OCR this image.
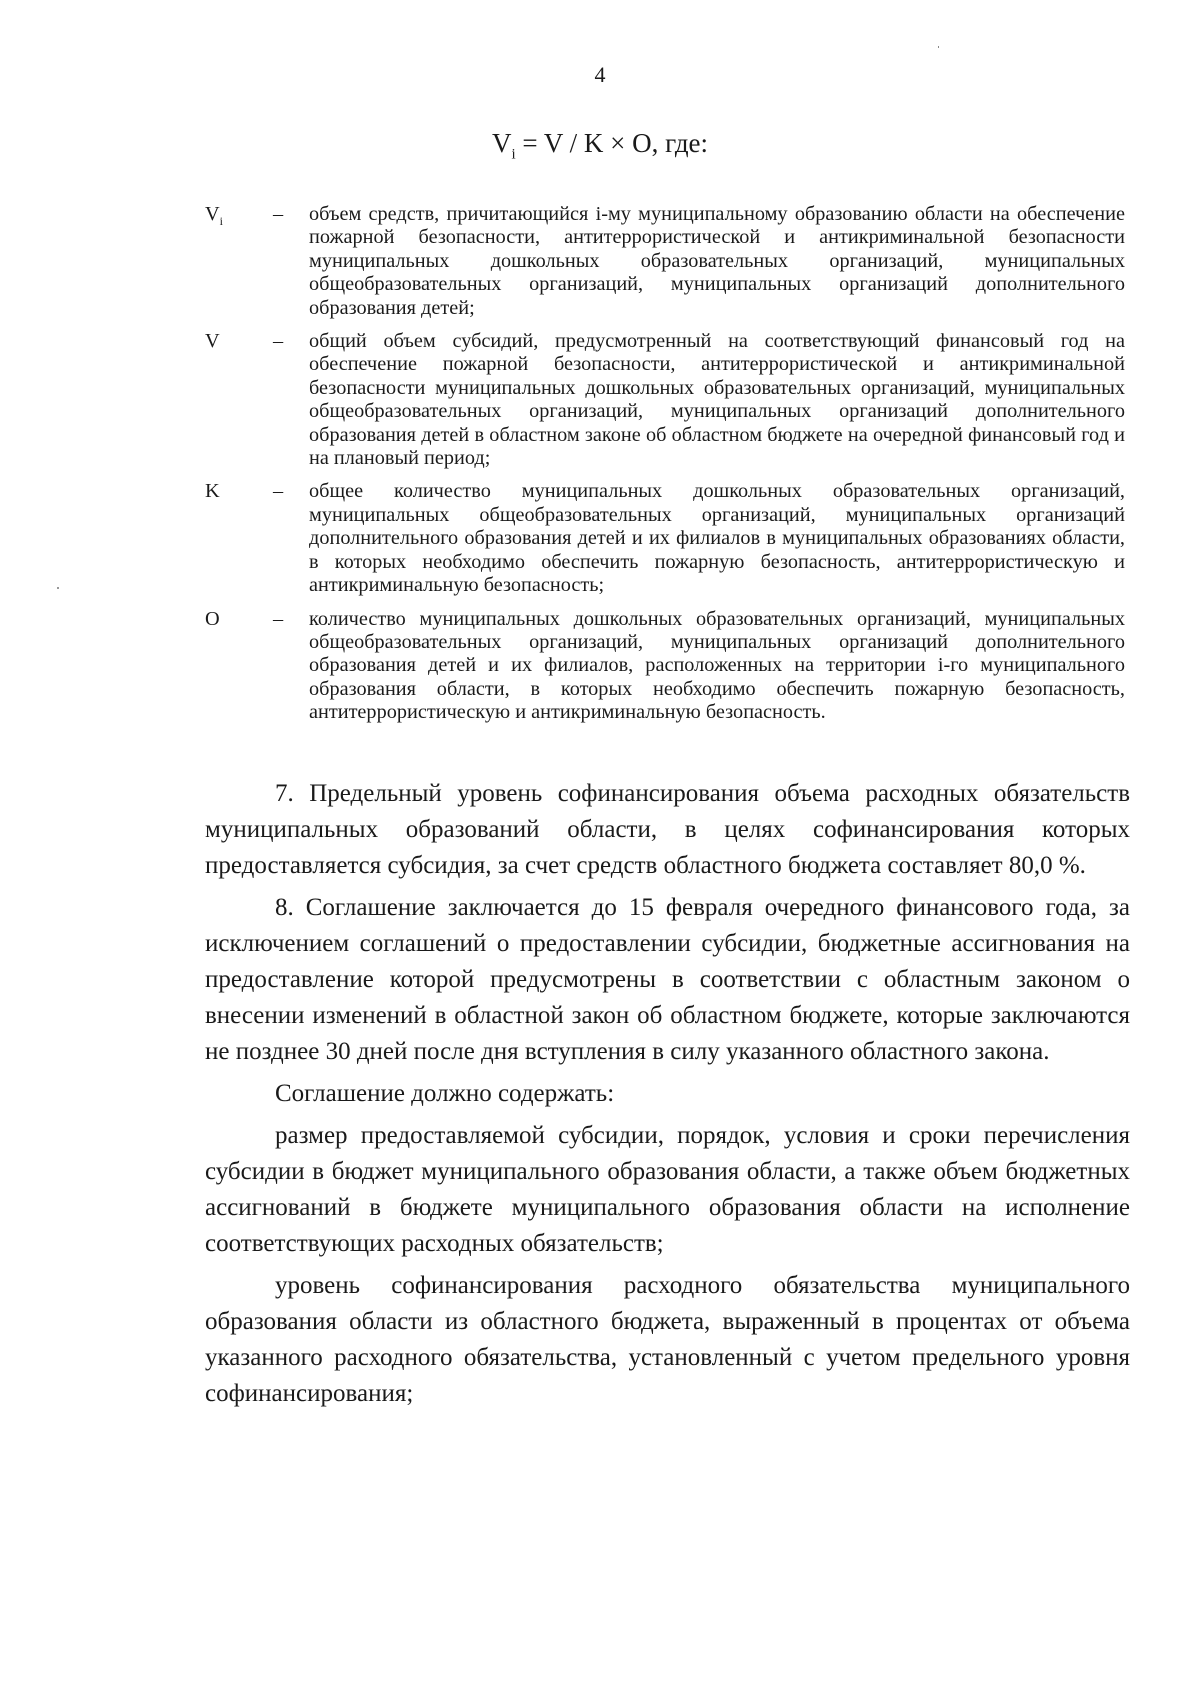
4
$V_i = V / K \times O$, где:
$V_i$	–	объем средств, причитающийся i-му муниципальному образованию области на обеспечение пожарной безопасности, антитеррористической и антикриминальной безопасности муниципальных дошкольных образовательных организаций, муниципальных общеобразовательных организаций, муниципальных организаций дополнительного образования детей;
V	–	общий объем субсидий, предусмотренный на соответствующий финансовый год на обеспечение пожарной безопасности, антитеррористической и антикриминальной безопасности муниципальных дошкольных образовательных организаций, муниципальных общеобразовательных организаций, муниципальных организаций дополнительного образования детей в областном законе об областном бюджете на очередной финансовый год и на плановый период;
K	–	общее количество муниципальных дошкольных образовательных организаций, муниципальных общеобразовательных организаций, муниципальных организаций дополнительного образования детей и их филиалов в муниципальных образованиях области, в которых необходимо обеспечить пожарную безопасность, антитеррористическую и антикриминальную безопасность;
O	–	количество муниципальных дошкольных образовательных организаций, муниципальных общеобразовательных организаций, муниципальных организаций дополнительного образования детей и их филиалов, расположенных на территории i-го муниципального образования области, в которых необходимо обеспечить пожарную безопасность, антитеррористическую и антикриминальную безопасность.

7. Предельный уровень софинансирования объема расходных обязательств муниципальных образований области, в целях софинансирования которых предоставляется субсидия, за счет средств областного бюджета составляет 80,0 %.

8. Соглашение заключается до 15 февраля очередного финансового года, за исключением соглашений о предоставлении субсидии, бюджетные ассигнования на предоставление которой предусмотрены в соответствии с областным законом о внесении изменений в областной закон об областном бюджете, которые заключаются не позднее 30 дней после дня вступления в силу указанного областного закона.

Соглашение должно содержать:

размер предоставляемой субсидии, порядок, условия и сроки перечисления субсидии в бюджет муниципального образования области, а также объем бюджетных ассигнований в бюджете муниципального образования области на исполнение соответствующих расходных обязательств;

уровень софинансирования расходного обязательства муниципального образования области из областного бюджета, выраженный в процентах от объема указанного расходного обязательства, установленный с учетом предельного уровня софинансирования;
